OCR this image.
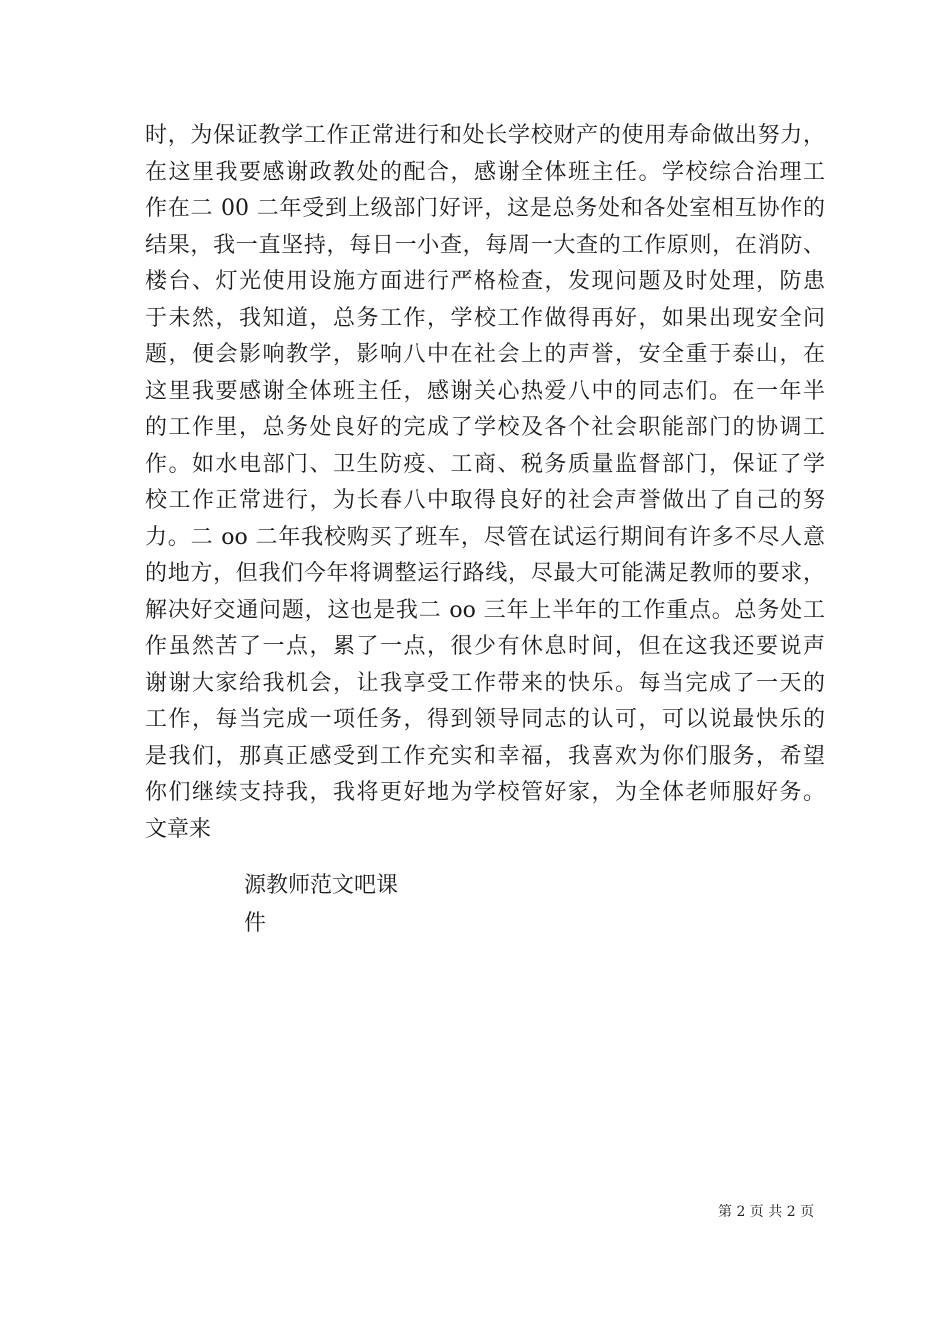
时，为保证教学工作正常进行和处长学校财产的使用寿命做出努力，
在这里我要感谢政教处的配合，感谢全体班主任。学校综合治理工
作在二 00 二年受到上级部门好评，这是总务处和各处室相互协作的
结果，我一直坚持，每日一小查，每周一大查的工作原则，在消防、
楼台、灯光使用设施方面进行严格检查，发现问题及时处理，防患
于未然，我知道，总务工作，学校工作做得再好，如果出现安全问
题，便会影响教学，影响八中在社会上的声誉，安全重于泰山，在
这里我要感谢全体班主任，感谢关心热爱八中的同志们。在一年半
的工作里，总务处良好的完成了学校及各个社会职能部门的协调工
作。如水电部门、卫生防疫、工商、税务质量监督部门，保证了学
校工作正常进行，为长春八中取得良好的社会声誉做出了自己的努
力。二 oo 二年我校购买了班车，尽管在试运行期间有许多不尽人意
的地方，但我们今年将调整运行路线，尽最大可能满足教师的要求，
解决好交通问题，这也是我二 oo 三年上半年的工作重点。总务处工
作虽然苦了一点，累了一点，很少有休息时间，但在这我还要说声
谢谢大家给我机会，让我享受工作带来的快乐。每当完成了一天的
工作，每当完成一项任务，得到领导同志的认可，可以说最快乐的
是我们，那真正感受到工作充实和幸福，我喜欢为你们服务，希望
你们继续支持我，我将更好地为学校管好家，为全体老师服好务。
文章来
源教师范文吧课
件
第 2 页 共 2 页
